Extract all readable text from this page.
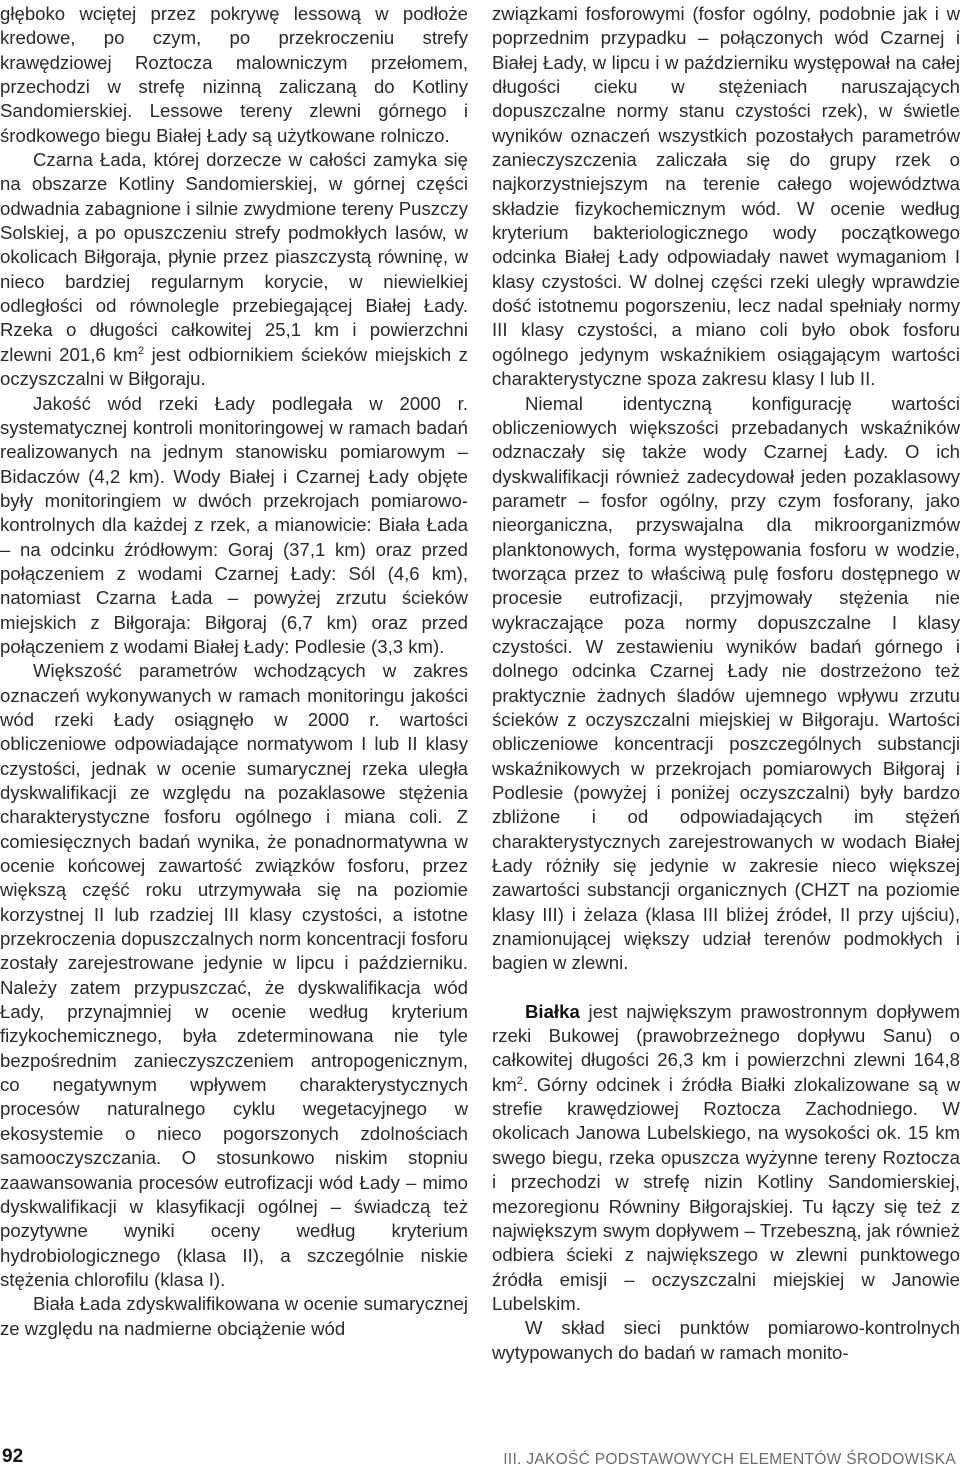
głęboko wciętej przez pokrywę lessową w podłoże kredowe, po czym, po przekroczeniu strefy krawędziowej Roztocza malowniczym przełomem, przechodzi w strefę nizinną zaliczaną do Kotliny Sandomierskiej. Lessowe tereny zlewni górnego i środkowego biegu Białej Łady są użytkowane rolniczo.

Czarna Łada, której dorzecze w całości zamyka się na obszarze Kotliny Sandomierskiej, w górnej części odwadnia zabagnione i silnie zwydmione tereny Puszczy Solskiej, a po opuszczeniu strefy podmokłych lasów, w okolicach Biłgoraja, płynie przez piaszczystą równinę, w nieco bardziej regularnym korycie, w niewielkiej odległości od równolegle przebiegającej Białej Łady. Rzeka o długości całkowitej 25,1 km i powierzchni zlewni 201,6 $km^2$ jest odbiornikiem ścieków miejskich z oczyszczalni w Biłgoraju.

Jakość wód rzeki Łady podlegała w 2000 r. systematycznej kontroli monitoringowej w ramach badań realizowanych na jednym stanowisku pomiarowym – Bidaczów (4,2 km). Wody Białej i Czarnej Łady objęte były monitoringiem w dwóch przekrojach pomiarowo-kontrolnych dla każdej z rzek, a mianowicie: Biała Łada – na odcinku źródłowym: Goraj (37,1 km) oraz przed połączeniem z wodami Czarnej Łady: Sól (4,6 km), natomiast Czarna Łada – powyżej zrzutu ścieków miejskich z Biłgoraja: Biłgoraj (6,7 km) oraz przed połączeniem z wodami Białej Łady: Podlesie (3,3 km).

Większość parametrów wchodzących w zakres oznaczeń wykonywanych w ramach monitoringu jakości wód rzeki Łady osiągnęło w 2000 r. wartości obliczeniowe odpowiadające normatywom I lub II klasy czystości, jednak w ocenie sumarycznej rzeka uległa dyskwalifikacji ze względu na pozaklasowe stężenia charakterystyczne fosforu ogólnego i miana coli. Z comiesięcznych badań wynika, że ponadnormatywna w ocenie końcowej zawartość związków fosforu, przez większą część roku utrzymywała się na poziomie korzystnej II lub rzadziej III klasy czystości, a istotne przekroczenia dopuszczalnych norm koncentracji fosforu zostały zarejestrowane jedynie w lipcu i październiku. Należy zatem przypuszczać, że dyskwalifikacja wód Łady, przynajmniej w ocenie według kryterium fizykochemicznego, była zdeterminowana nie tyle bezpośrednim zanieczyszczeniem antropogenicznym, co negatywnym wpływem charakterystycznych procesów naturalnego cyklu wegetacyjnego w ekosystemie o nieco pogorszonych zdolnościach samooczyszczania. O stosunkowo niskim stopniu zaawansowania procesów eutrofizacji wód Łady – mimo dyskwalifikacji w klasyfikacji ogólnej – świadczą też pozytywne wyniki oceny według kryterium hydrobiologicznego (klasa II), a szczególnie niskie stężenia chlorofilu (klasa I).

Biała Łada zdyskwalifikowana w ocenie sumarycznej ze względu na nadmierne obciążenie wód

związkami fosforowymi (fosfor ogólny, podobnie jak i w poprzednim przypadku – połączonych wód Czarnej i Białej Łady, w lipcu i w październiku występował na całej długości cieku w stężeniach naruszających dopuszczalne normy stanu czystości rzek), w świetle wyników oznaczeń wszystkich pozostałych parametrów zanieczyszczenia zaliczała się do grupy rzek o najkorzystniejszym na terenie całego województwa składzie fizykochemicznym wód. W ocenie według kryterium bakteriologicznego wody początkowego odcinka Białej Łady odpowiadały nawet wymaganiom I klasy czystości. W dolnej części rzeki uległy wprawdzie dość istotnemu pogorszeniu, lecz nadal spełniały normy III klasy czystości, a miano coli było obok fosforu ogólnego jedynym wskaźnikiem osiągającym wartości charakterystyczne spoza zakresu klasy I lub II.

Niemal identyczną konfigurację wartości obliczeniowych większości przebadanych wskaźników odznaczały się także wody Czarnej Łady. O ich dyskwalifikacji również zadecydował jeden pozaklasowy parametr – fosfor ogólny, przy czym fosforany, jako nieorganiczna, przyswajalna dla mikroorganizmów planktonowych, forma występowania fosforu w wodzie, tworząca przez to właściwą pulę fosforu dostępnego w procesie eutrofizacji, przyjmowały stężenia nie wykraczające poza normy dopuszczalne I klasy czystości. W zestawieniu wyników badań górnego i dolnego odcinka Czarnej Łady nie dostrzeżono też praktycznie żadnych śladów ujemnego wpływu zrzutu ścieków z oczyszczalni miejskiej w Biłgoraju. Wartości obliczeniowe koncentracji poszczególnych substancji wskaźnikowych w przekrojach pomiarowych Biłgoraj i Podlesie (powyżej i poniżej oczyszczalni) były bardzo zbliżone i od odpowiadających im stężeń charakterystycznych zarejestrowanych w wodach Białej Łady różniły się jedynie w zakresie nieco większej zawartości substancji organicznych (CHZT na poziomie klasy III) i żelaza (klasa III bliżej źródeł, II przy ujściu), znamionującej większy udział terenów podmokłych i bagien w zlewni.

Białka jest największym prawostronnym dopływem rzeki Bukowej (prawobrzeżnego dopływu Sanu) o całkowitej długości 26,3 km i powierzchni zlewni 164,8 $km^2$. Górny odcinek i źródła Białki zlokalizowane są w strefie krawędziowej Roztocza Zachodniego. W okolicach Janowa Lubelskiego, na wysokości ok. 15 km swego biegu, rzeka opuszcza wyżynne tereny Roztocza i przechodzi w strefę nizin Kotliny Sandomierskiej, mezoregionu Równiny Biłgorajskiej. Tu łączy się też z największym swym dopływem – Trzebeszną, jak również odbiera ścieki z największego w zlewni punktowego źródła emisji – oczyszczalni miejskiej w Janowie Lubelskim.

W skład sieci punktów pomiarowo-kontrolnych wytypowanych do badań w ramach monito-

92	III. JAKOŚĆ PODSTAWOWYCH ELEMENTÓW ŚRODOWISKA
